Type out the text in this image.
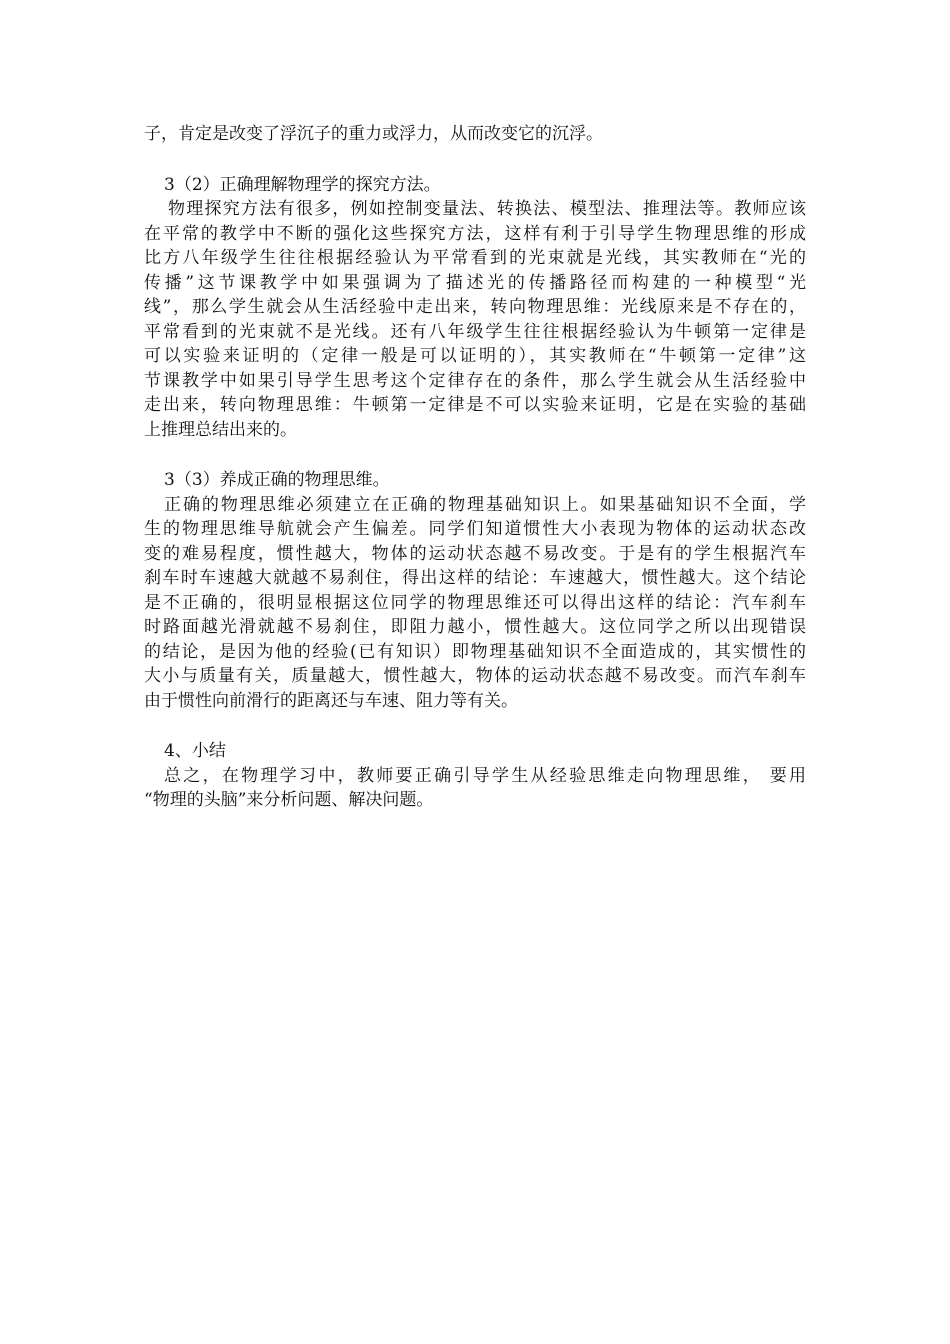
子，肯定是改变了浮沉子的重力或浮力，从而改变它的沉浮。
3（2）正确理解物理学的探究方法。
物理探究方法有很多，例如控制变量法、转换法、模型法、推理法等。教师应该
在平常的教学中不断的强化这些探究方法，这样有利于引导学生物理思维的形成
比方八年级学生往往根据经验认为平常看到的光束就是光线，其实教师在“光的
传播”这节课教学中如果强调为了描述光的传播路径而构建的一种模型“光
线”，那么学生就会从生活经验中走出来，转向物理思维：光线原来是不存在的，
平常看到的光束就不是光线。还有八年级学生往往根据经验认为牛顿第一定律是
可以实验来证明的（定律一般是可以证明的），其实教师在“牛顿第一定律”这
节课教学中如果引导学生思考这个定律存在的条件，那么学生就会从生活经验中
走出来，转向物理思维：牛顿第一定律是不可以实验来证明，它是在实验的基础
上推理总结出来的。
3（3）养成正确的物理思维。
正确的物理思维必须建立在正确的物理基础知识上。如果基础知识不全面，学
生的物理思维导航就会产生偏差。同学们知道惯性大小表现为物体的运动状态改
变的难易程度，惯性越大，物体的运动状态越不易改变。于是有的学生根据汽车
刹车时车速越大就越不易刹住，得出这样的结论：车速越大，惯性越大。这个结论
是不正确的，很明显根据这位同学的物理思维还可以得出这样的结论：汽车刹车
时路面越光滑就越不易刹住，即阻力越小，惯性越大。这位同学之所以出现错误
的结论，是因为他的经验(已有知识）即物理基础知识不全面造成的，其实惯性的
大小与质量有关，质量越大，惯性越大，物体的运动状态越不易改变。而汽车刹车
由于惯性向前滑行的距离还与车速、阻力等有关。
4、小结
总之，在物理学习中，教师要正确引导学生从经验思维走向物理思维， 要用
“物理的头脑”来分析问题、解决问题。
